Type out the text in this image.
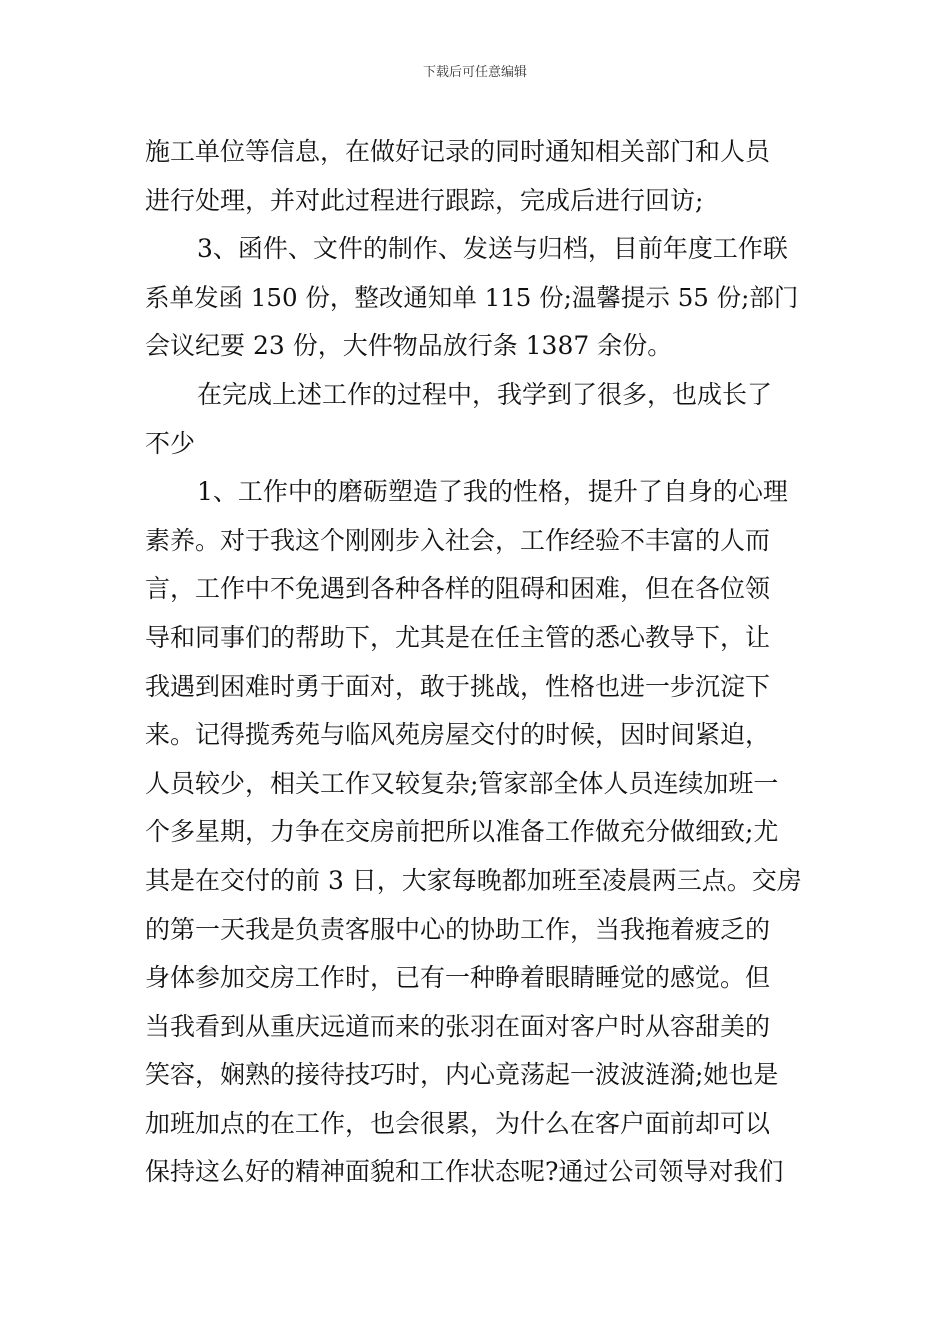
下载后可任意编辑
施工单位等信息，在做好记录的同时通知相关部门和人员
进行处理，并对此过程进行跟踪，完成后进行回访;
3、函件、文件的制作、发送与归档，目前年度工作联
系单发函 150 份，整改通知单 115 份;温馨提示 55 份;部门
会议纪要 23 份，大件物品放行条 1387 余份。
在完成上述工作的过程中，我学到了很多，也成长了
不少
1、工作中的磨砺塑造了我的性格，提升了自身的心理
素养。对于我这个刚刚步入社会，工作经验不丰富的人而
言，工作中不免遇到各种各样的阻碍和困难，但在各位领
导和同事们的帮助下，尤其是在任主管的悉心教导下，让
我遇到困难时勇于面对，敢于挑战，性格也进一步沉淀下
来。记得揽秀苑与临风苑房屋交付的时候，因时间紧迫，
人员较少，相关工作又较复杂;管家部全体人员连续加班一
个多星期，力争在交房前把所以准备工作做充分做细致;尤
其是在交付的前 3 日，大家每晚都加班至凌晨两三点。交房
的第一天我是负责客服中心的协助工作，当我拖着疲乏的
身体参加交房工作时，已有一种睁着眼睛睡觉的感觉。但
当我看到从重庆远道而来的张羽在面对客户时从容甜美的
笑容，娴熟的接待技巧时，内心竟荡起一波波涟漪;她也是
加班加点的在工作，也会很累，为什么在客户面前却可以
保持这么好的精神面貌和工作状态呢?通过公司领导对我们
